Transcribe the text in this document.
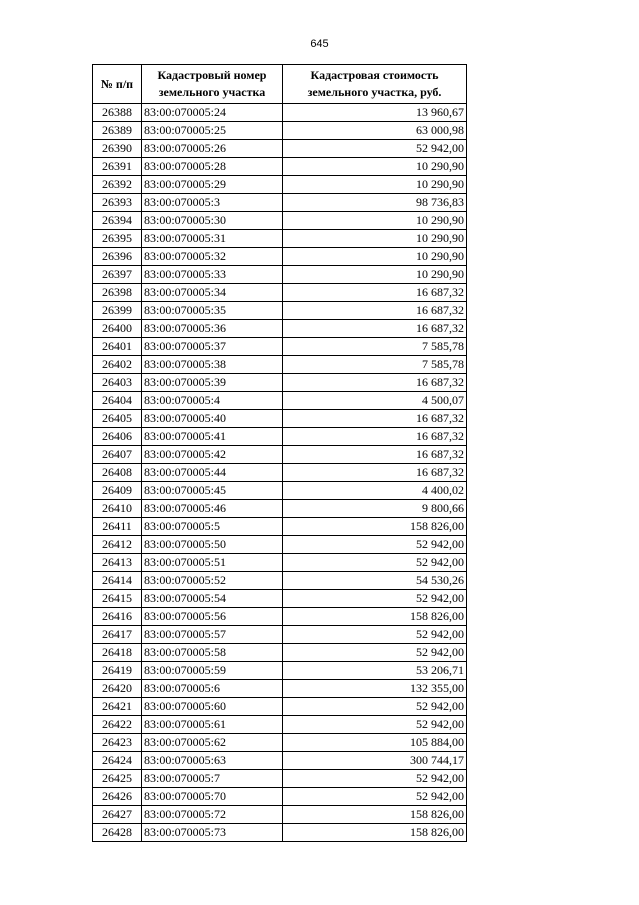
645
№ п/п	Кадастровый номер земельного участка	Кадастровая стоимость земельного участка, руб.
26388	83:00:070005:24	13 960,67
26389	83:00:070005:25	63 000,98
26390	83:00:070005:26	52 942,00
26391	83:00:070005:28	10 290,90
26392	83:00:070005:29	10 290,90
26393	83:00:070005:3	98 736,83
26394	83:00:070005:30	10 290,90
26395	83:00:070005:31	10 290,90
26396	83:00:070005:32	10 290,90
26397	83:00:070005:33	10 290,90
26398	83:00:070005:34	16 687,32
26399	83:00:070005:35	16 687,32
26400	83:00:070005:36	16 687,32
26401	83:00:070005:37	7 585,78
26402	83:00:070005:38	7 585,78
26403	83:00:070005:39	16 687,32
26404	83:00:070005:4	4 500,07
26405	83:00:070005:40	16 687,32
26406	83:00:070005:41	16 687,32
26407	83:00:070005:42	16 687,32
26408	83:00:070005:44	16 687,32
26409	83:00:070005:45	4 400,02
26410	83:00:070005:46	9 800,66
26411	83:00:070005:5	158 826,00
26412	83:00:070005:50	52 942,00
26413	83:00:070005:51	52 942,00
26414	83:00:070005:52	54 530,26
26415	83:00:070005:54	52 942,00
26416	83:00:070005:56	158 826,00
26417	83:00:070005:57	52 942,00
26418	83:00:070005:58	52 942,00
26419	83:00:070005:59	53 206,71
26420	83:00:070005:6	132 355,00
26421	83:00:070005:60	52 942,00
26422	83:00:070005:61	52 942,00
26423	83:00:070005:62	105 884,00
26424	83:00:070005:63	300 744,17
26425	83:00:070005:7	52 942,00
26426	83:00:070005:70	52 942,00
26427	83:00:070005:72	158 826,00
26428	83:00:070005:73	158 826,00
